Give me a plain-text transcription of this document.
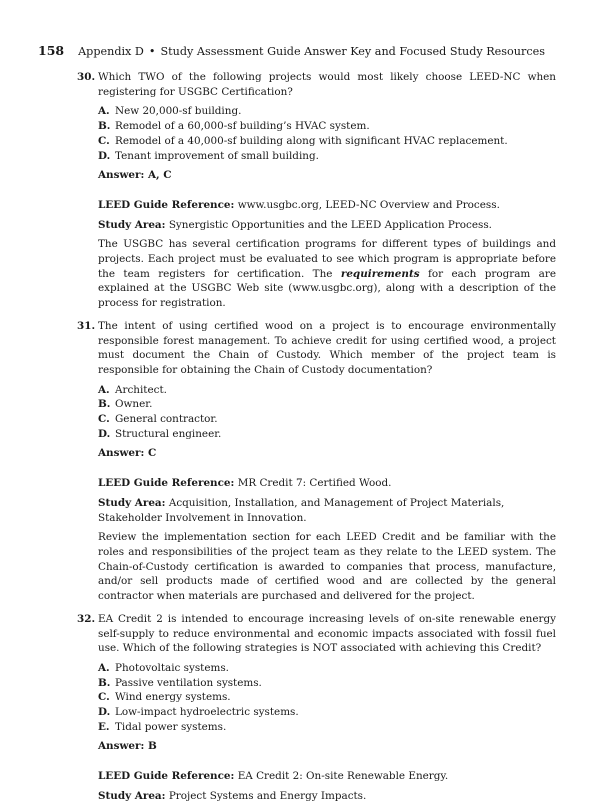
158 Appendix D • Study Assessment Guide Answer Key and Focused Study Resources
30. Which TWO of the following projects would most likely choose LEED-NC when registering for USGBC Certification?
A. New 20,000-sf building.
B. Remodel of a 60,000-sf building’s HVAC system.
C. Remodel of a 40,000-sf building along with significant HVAC replacement.
D. Tenant improvement of small building.
Answer: A, C
LEED Guide Reference: www.usgbc.org, LEED-NC Overview and Process.
Study Area: Synergistic Opportunities and the LEED Application Process.
The USGBC has several certification programs for different types of buildings and projects. Each project must be evaluated to see which program is appropriate before the team registers for certification. The requirements for each program are explained at the USGBC Web site (www.usgbc.org), along with a description of the process for registration.
31. The intent of using certified wood on a project is to encourage environmentally responsible forest management. To achieve credit for using certified wood, a project must document the Chain of Custody. Which member of the project team is responsible for obtaining the Chain of Custody documentation?
A. Architect.
B. Owner.
C. General contractor.
D. Structural engineer.
Answer: C
LEED Guide Reference: MR Credit 7: Certified Wood.
Study Area: Acquisition, Installation, and Management of Project Materials, Stakeholder Involvement in Innovation.
Review the implementation section for each LEED Credit and be familiar with the roles and responsibilities of the project team as they relate to the LEED system. The Chain-of-Custody certification is awarded to companies that process, manufacture, and/or sell products made of certified wood and are collected by the general contractor when materials are purchased and delivered for the project.
32. EA Credit 2 is intended to encourage increasing levels of on-site renewable energy self-supply to reduce environmental and economic impacts associated with fossil fuel use. Which of the following strategies is NOT associated with achieving this Credit?
A. Photovoltaic systems.
B. Passive ventilation systems.
C. Wind energy systems.
D. Low-impact hydroelectric systems.
E. Tidal power systems.
Answer: B
LEED Guide Reference: EA Credit 2: On-site Renewable Energy.
Study Area: Project Systems and Energy Impacts.
